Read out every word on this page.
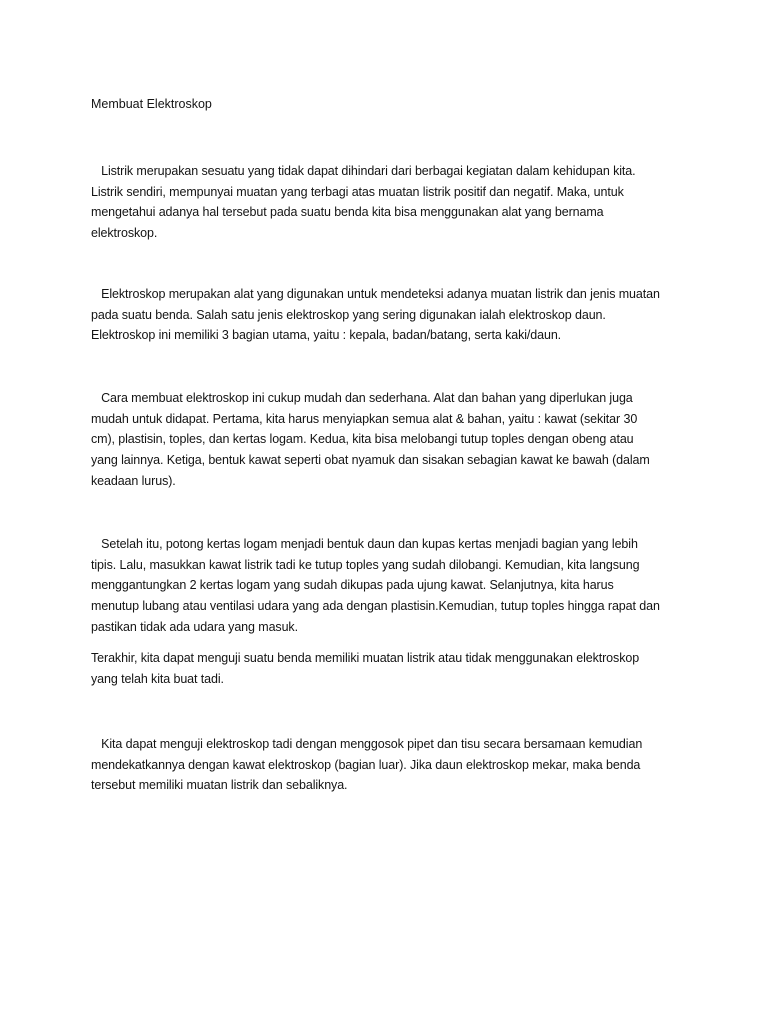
Membuat Elektroskop

Listrik merupakan sesuatu yang tidak dapat dihindari dari berbagai kegiatan dalam kehidupan kita.
Listrik sendiri, mempunyai muatan yang terbagi atas muatan listrik positif dan negatif. Maka, untuk
mengetahui adanya hal tersebut pada suatu benda kita bisa menggunakan alat yang bernama
elektroskop.

Elektroskop merupakan alat yang digunakan untuk mendeteksi adanya muatan listrik dan jenis muatan
pada suatu benda. Salah satu jenis elektroskop yang sering digunakan ialah elektroskop daun.
Elektroskop ini memiliki 3 bagian utama, yaitu : kepala, badan/batang, serta kaki/daun.

Cara membuat elektroskop ini cukup mudah dan sederhana. Alat dan bahan yang diperlukan juga
mudah untuk didapat. Pertama, kita harus menyiapkan semua alat & bahan, yaitu : kawat (sekitar 30
cm), plastisin, toples, dan kertas logam. Kedua, kita bisa melobangi tutup toples dengan obeng atau
yang lainnya. Ketiga, bentuk kawat seperti obat nyamuk dan sisakan sebagian kawat ke bawah (dalam
keadaan lurus).

Setelah itu, potong kertas logam menjadi bentuk daun dan kupas kertas menjadi bagian yang lebih
tipis. Lalu, masukkan kawat listrik tadi ke tutup toples yang sudah dilobangi. Kemudian, kita langsung
menggantungkan 2 kertas logam yang sudah dikupas pada ujung kawat. Selanjutnya, kita harus
menutup lubang atau ventilasi udara yang ada dengan plastisin.Kemudian, tutup toples hingga rapat dan
pastikan tidak ada udara yang masuk.

Terakhir, kita dapat menguji suatu benda memiliki muatan listrik atau tidak menggunakan elektroskop
yang telah kita buat tadi.

Kita dapat menguji elektroskop tadi dengan menggosok pipet dan tisu secara bersamaan kemudian
mendekatkannya dengan kawat elektroskop (bagian luar). Jika daun elektroskop mekar, maka benda
tersebut memiliki muatan listrik dan sebaliknya.
